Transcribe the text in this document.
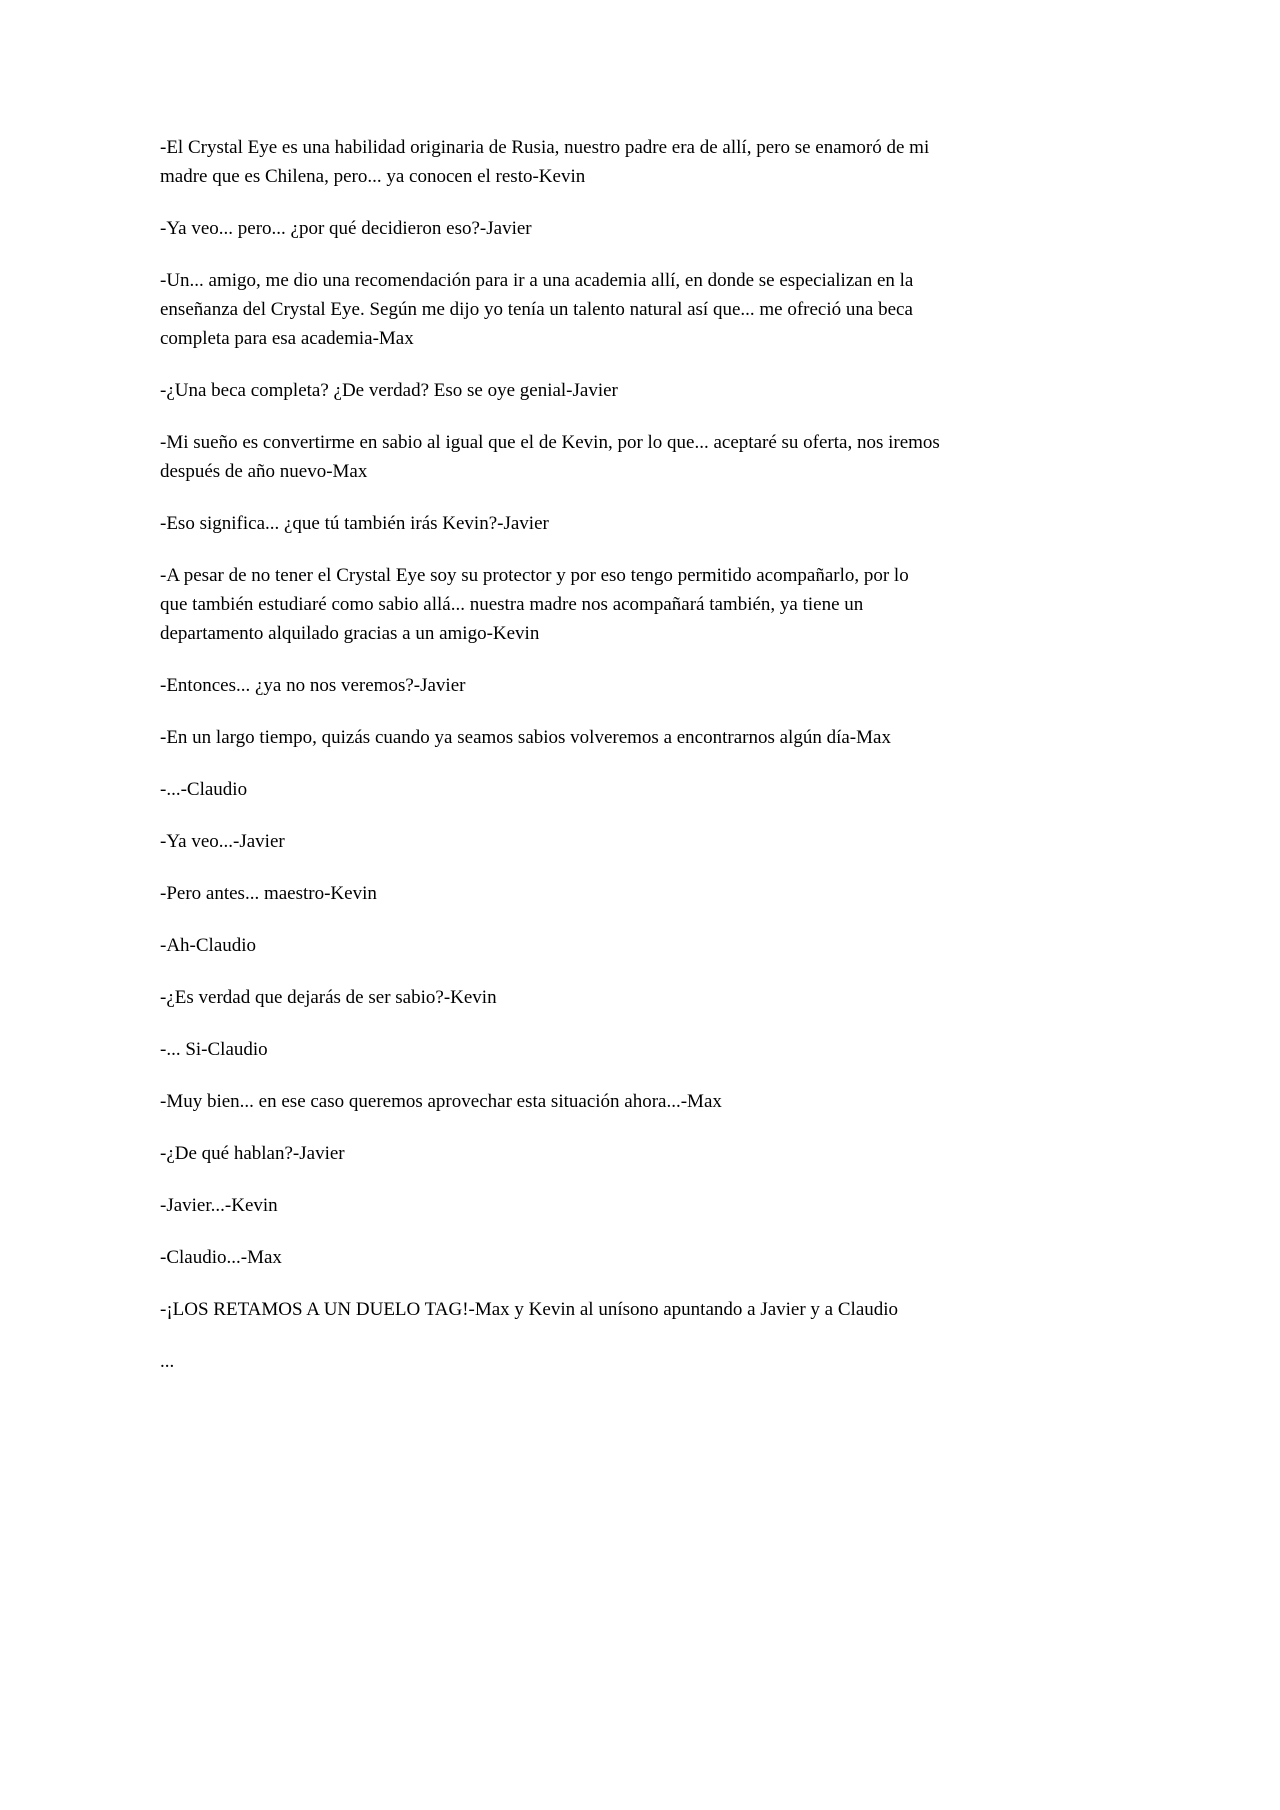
-El Crystal Eye es una habilidad originaria de Rusia, nuestro padre era de allí, pero se enamoró de mi madre que es Chilena, pero... ya conocen el resto-Kevin

-Ya veo... pero... ¿por qué decidieron eso?-Javier

-Un... amigo, me dio una recomendación para ir a una academia allí, en donde se especializan en la enseñanza del Crystal Eye. Según me dijo yo tenía un talento natural así que... me ofreció una beca completa para esa academia-Max

-¿Una beca completa? ¿De verdad? Eso se oye genial-Javier

-Mi sueño es convertirme en sabio al igual que el de Kevin, por lo que... aceptaré su oferta, nos iremos después de año nuevo-Max

-Eso significa... ¿que tú también irás Kevin?-Javier

-A pesar de no tener el Crystal Eye soy su protector y por eso tengo permitido acompañarlo, por lo que también estudiaré como sabio allá... nuestra madre nos acompañará también, ya tiene un departamento alquilado gracias a un amigo-Kevin

-Entonces... ¿ya no nos veremos?-Javier

-En un largo tiempo, quizás cuando ya seamos sabios volveremos a encontrarnos algún día-Max

-...-Claudio

-Ya veo...-Javier

-Pero antes... maestro-Kevin

-Ah-Claudio

-¿Es verdad que dejarás de ser sabio?-Kevin

-... Si-Claudio

-Muy bien... en ese caso queremos aprovechar esta situación ahora...-Max

-¿De qué hablan?-Javier

-Javier...-Kevin

-Claudio...-Max

-¡LOS RETAMOS A UN DUELO TAG!-Max y Kevin al unísono apuntando a Javier y a Claudio

...
